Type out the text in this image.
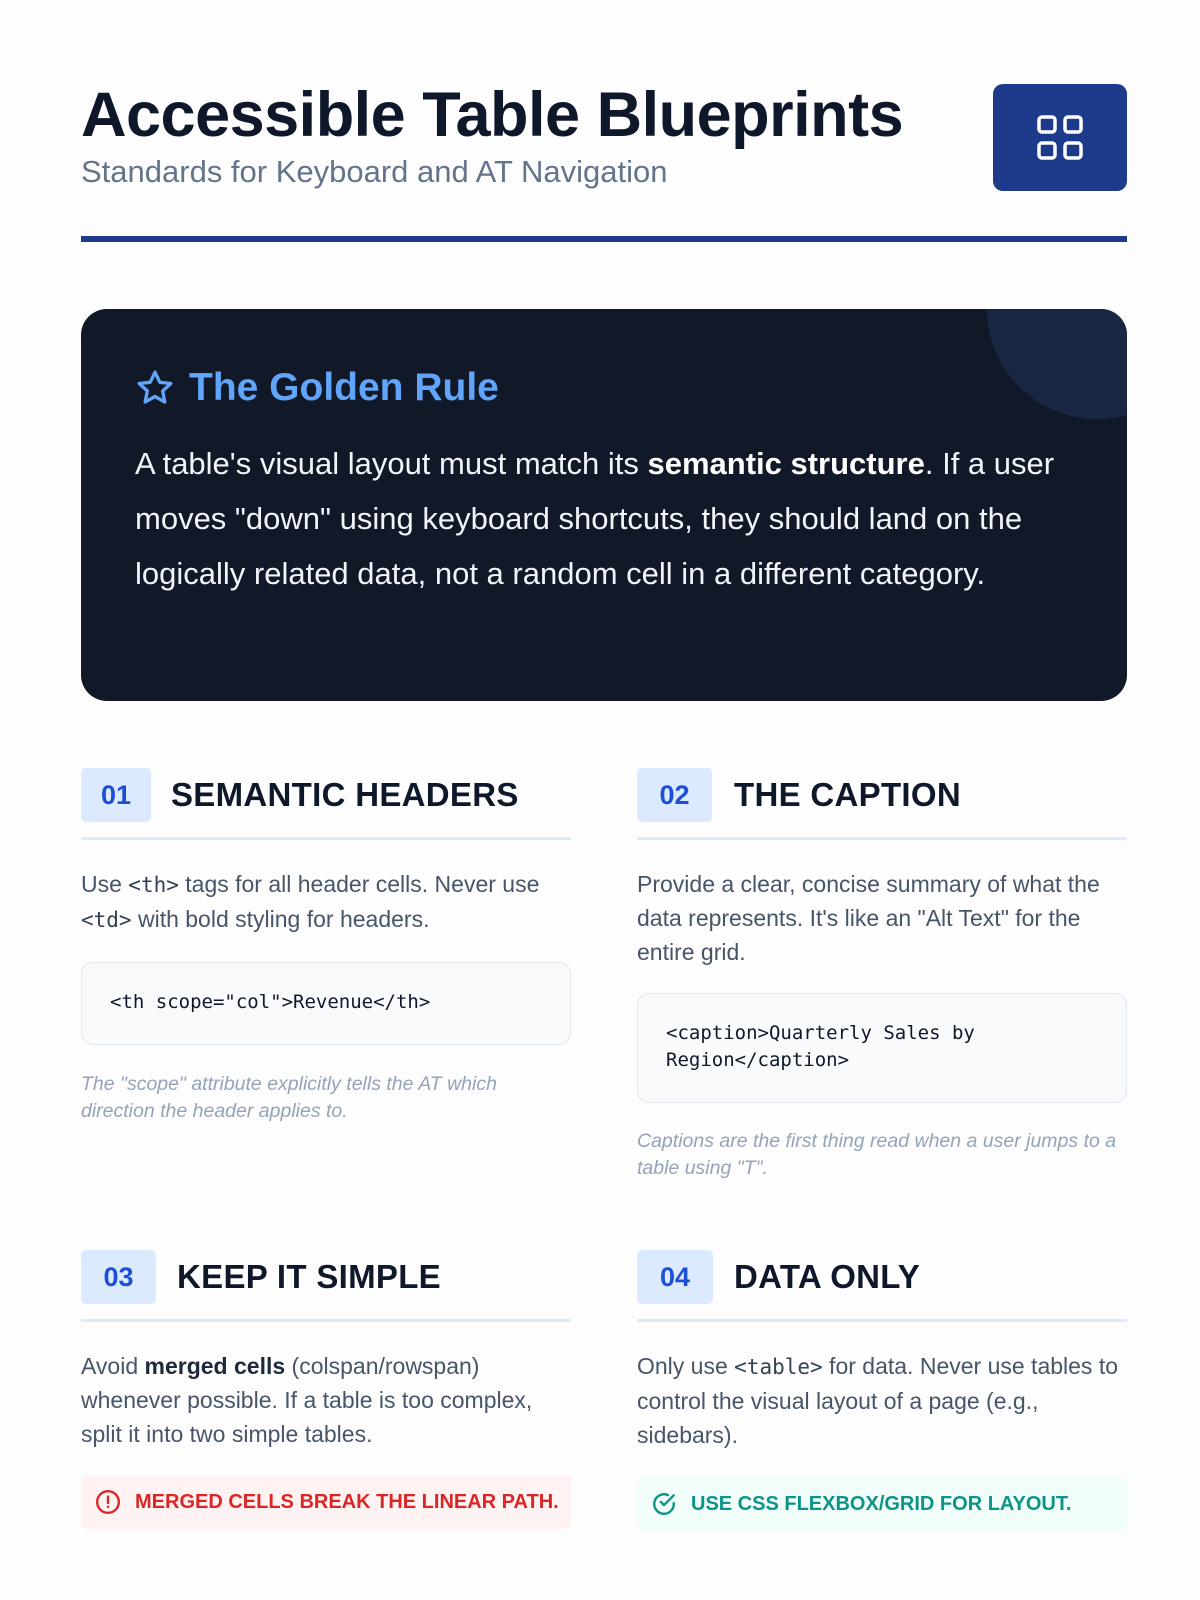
Accessible Table Blueprints
Standards for Keyboard and AT Navigation
The Golden Rule

A table's visual layout must match its semantic structure. If a user moves "down" using keyboard shortcuts, they should land on the logically related data, not a random cell in a different category.

01	SEMANTIC HEADERS

Use <th> tags for all header cells. Never use <td> with bold styling for headers.

<th scope="col">Revenue</th>

The "scope" attribute explicitly tells the AT which direction the header applies to.

02	THE CAPTION

Provide a clear, concise summary of what the data represents. It's like an "Alt Text" for the entire grid.

<caption>Quarterly Sales by Region</caption>

Captions are the first thing read when a user jumps to a table using "T".

03	KEEP IT SIMPLE

Avoid merged cells (colspan/rowspan) whenever possible. If a table is too complex, split it into two simple tables.

MERGED CELLS BREAK THE LINEAR PATH.
04	DATA ONLY

Only use <table> for data. Never use tables to control the visual layout of a page (e.g., sidebars).

USE CSS FLEXBOX/GRID FOR LAYOUT.
